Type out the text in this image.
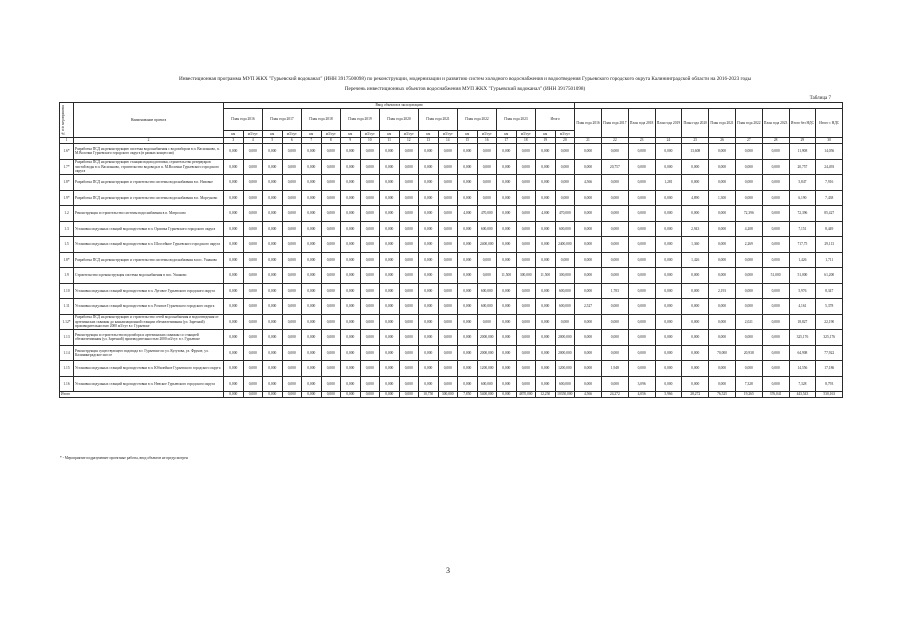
Инвестиционная программа МУП ЖКХ "Гурьевский водоканал" (ИНН 3917500098) по реконструкции, модернизации и развитию систем холодного водоснабжения и водоотведения Гурьевского городского округа Калининградской области на 2016-2023 годы
Перечень инвестиционных объектов водоснабжения МУП ЖКХ "Гурьевский водоканал" (ИНН 3917501098)
Таблица 7
№ п/п мероприятия	Наименование проекта	Ввод объектов в эксплуатацию																											
		План года 2016		План года 2017		План года 2018		План года 2019		План года 2020		План года 2021		План года 2022		План года 2023		Итого		План года 2016	План года 2017	План года 2018	План года 2019	План года 2020	План года 2021	План года 2022	План года 2023	Итого без НДС	Итого с НДС
		км	м3/сут	км	м3/сут	км	м3/сут	км	м3/сут	км	м3/сут	км	м3/сут	км	м3/сут	км	м3/сут	км	м3/сут										
1	2	3	4	5	6	7	8	9	10	11	12	13	14	15	16	17	18	19	20	21	22	23	24	25	26	27	28	29	30
1.6*	Разработка ПСД на реконструкцию системы водоснабжения с водозабором в п. Васильково, п. М.Волочки Гурьевского городского округа (в рамках концессии)	0,000	0,000	0,000	0,000	0,000	0,000	0,000	0,000	0,000	0,000	0,000	0,000	0,000	0,000	0,000	0,000	0,000	0,000	0,000	0,000	0,000	0,000	13,608	0,000	0,000	0,000	11,908	14,056
1.7*	Разработка ПСД на реконструкцию станции водоподготовки, строительство резервуаров чистой воды в п. Васильково, строительство водовода в п. М.Волочки Гурьевского городского округа	0,000	0,000	0,000	0,000	0,000	0,000	0,000	0,000	0,000	0,000	0,000	0,000	0,000	0,000	0,000	0,000	0,000	0,000	0,000	20,757	0,000	0,000	0,000	0,000	0,000	0,000	20,757	24,493
1.8*	Разработка ПСД на реконструкцию и строительство системы водоснабжения в п. Низовье	0,000	0,000	0,000	0,000	0,000	0,000	0,000	0,000	0,000	0,000	0,000	0,000	0,000	0,000	0,000	0,000	0,000	0,000	4,566	0,000	0,000	1,281	0,000	0,000	0,000	0,000	5,847	7,916
1.9*	Разработка ПСД на реконструкцию и строительство системы водоснабжения в п. Моргуново	0,000	0,000	0,000	0,000	0,000	0,000	0,000	0,000	0,000	0,000	0,000	0,000	0,000	0,000	0,000	0,000	0,000	0,000	0,000	0,000	0,000	0,000	4,890	1,300	0,000	0,000	6,190	7,438
1.2	Реконструкция и строительство системы водоснабжения в п. Матросово	0,000	0,000	0,000	0,000	0,000	0,000	0,000	0,000	0,000	0,000	0,000	0,000	4,000	470,000	0,000	0,000	4,000	470,000	0,000	0,000	0,000	0,000	0,000	0,000	72,396	0,000	72,396	85,427
1.3	Установка модульных станций водоподготовки в п. Орловка Гурьевского городского округа	0,000	0,000	0,000	0,000	0,000	0,000	0,000	0,000	0,000	0,000	0,000	0,000	0,000	600,000	0,000	0,000	0,000	600,000	0,000	0,000	0,000	0,000	2,943	0,000	4,208	0,000	7,151	8,449
1.5	Установка модульных станций водоподготовки в п. Шоссейное Гурьевского городского округа	0,000	0,000	0,000	0,000	0,000	0,000	0,000	0,000	0,000	0,000	0,000	0,000	0,000	2400,000	0,000	0,000	0,000	2400,000	0,000	0,000	0,000	0,000	1,360	0,000	2,269	0,000	717,75	29,113
1.8*	Разработка ПСД на реконструкцию и строительство системы водоснабжения в пос. Ушаково	0,000	0,000	0,000	0,000	0,000	0,000	0,000	0,000	0,000	0,000	0,000	0,000	0,000	0,000	0,000	0,000	0,000	0,000	0,000	0,000	0,000	0,000	1,426	0,000	0,000	0,000	1,426	1,711
1.9	Строительство и реконструкция системы водоснабжения в пос. Ушаково	0,000	0,000	0,000	0,000	0,000	0,000	0,000	0,000	0,000	0,000	0,000	0,000	0,000	0,000	11,500	300,000	11,500	300,000	0,000	0,000	0,000	0,000	0,000	0,000	0,000	51,000	51,000	61,200
1.10	Установка модульных станций водоподготовки в п. Луговое Гурьевского городского округа	0,000	0,000	0,000	0,000	0,000	0,000	0,000	0,000	0,000	0,000	0,000	0,000	0,000	600,000	0,000	0,000	0,000	600,000	0,000	1,783	0,000	0,000	0,000	2,193	0,000	0,000	5,976	8,347
1.11	Установка модульных станций водоподготовки в п. Розовое Гурьевского городского округа	0,000	0,000	0,000	0,000	0,000	0,000	0,000	0,000	0,000	0,000	0,000	0,000	0,000	600,000	0,000	0,000	0,000	600,000	2,527	0,000	0,000	0,000	0,000	0,000	0,000	0,000	4,161	5,378
1.12*	Разработка ПСД на реконструкцию и строительство сетей водоснабжения и водоотведения от артезианских скважин до канализационной станции обезжелезивания (ул. Заречной) производительностью 2000 м3/сут в г. Гурьевске	0,000	0,000	0,000	0,000	0,000	0,000	0,000	0,000	0,000	0,000	0,000	0,000	0,000	0,000	0,000	0,000	0,000	0,000	0,000	0,000	0,000	0,000	0,000	0,000	2,021	0,000	18,827	22,190
1.13	Реконструкция и строительство водозабора и артезианских скважин со станцией обезжелезивания (ул. Заречной) производительностью 2000 м3/сут. в г. Гурьевске	0,000	0,000	0,000	0,000	0,000	0,000	0,000	0,000	0,000	0,000	0,000	0,000	0,000	2000,000	0,000	0,000	0,000	2000,000	0,000	0,000	0,000	0,000	0,000	0,000	0,000	0,000	325,176	325,176
1.14	Реконструкция существующего водовода в г. Гурьевске по ул. Кутузова, ул. Фрунзе, ул. Калининградское шоссе	0,000	0,000	0,000	0,000	0,000	0,000	0,000	0,000	0,000	0,000	0,000	0,000	0,000	2000,000	0,000	0,000	0,000	2000,000	0,000	0,000	0,000	0,000	0,000	70,000	20,938	0,000	64,908	77,922
1.15	Установка модульных станций водоподготовки в п. Юбилейное Гурьевского городского округа	0,000	0,000	0,000	0,000	0,000	0,000	0,000	0,000	0,000	0,000	0,000	0,000	0,000	1200,000	0,000	0,000	0,000	1200,000	0,000	1,948	0,000	0,000	0,000	0,000	0,000	0,000	14,556	17,186
1.16	Установка модульных станций водоподготовки в п. Невское Гурьевского городского округа	0,000	0,000	0,000	0,000	0,000	0,000	0,000	0,000	0,000	0,000	0,000	0,000	0,000	600,000	0,000	0,000	0,000	600,000	0,000	0,000	3,096	0,000	0,000	0,000	7,328	0,000	7,328	8,793
Итого		0,000	0,000	0,000	0,000	0,000	0,000	0,000	0,000	0,000	0,000	10,750	300,000	7,850	5400,000	0,000	4870,000	12,250	10350,000	4,566	24,272	4,056	5,966	28,272	76,525	19,265	376,041	443,543	530,163
* - Мероприятие подразумевает проектные работы, ввод объектов не предусмотрен
3
